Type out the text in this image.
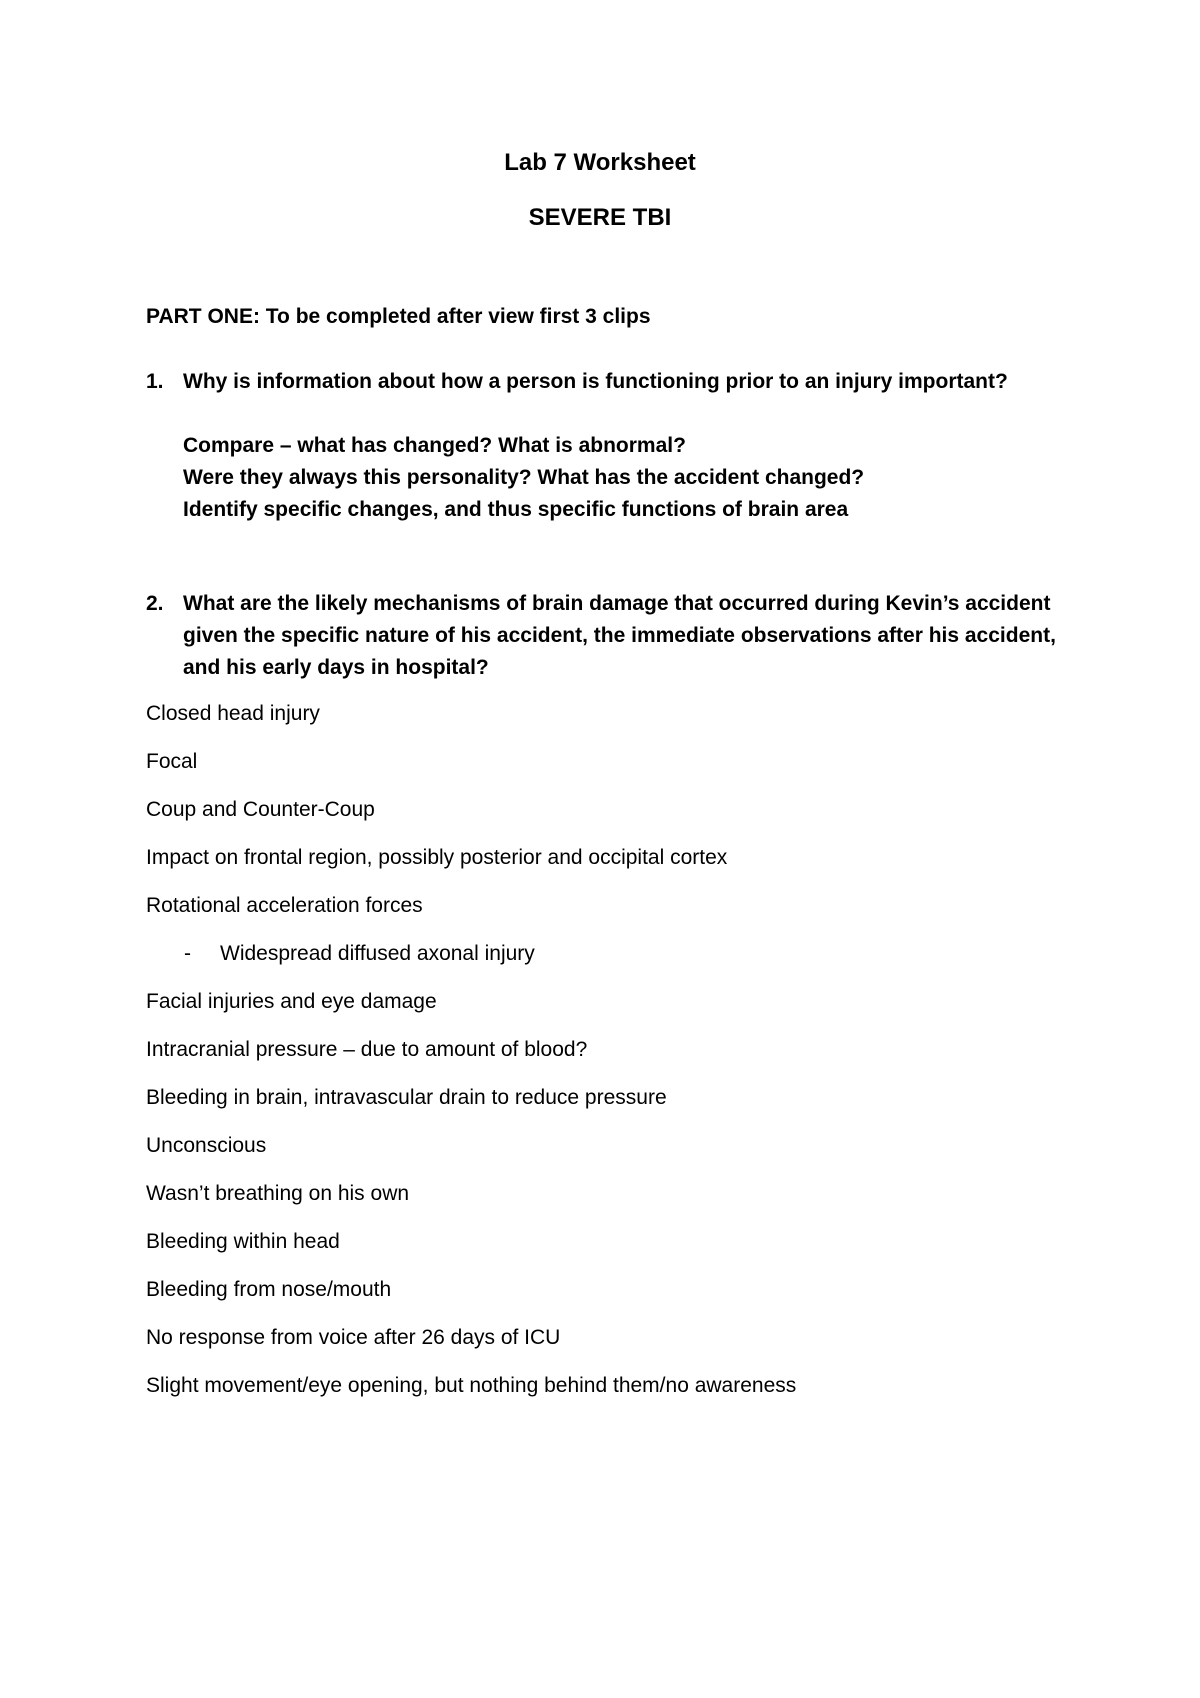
Lab 7 Worksheet
SEVERE TBI
PART ONE: To be completed after view first 3 clips
1. Why is information about how a person is functioning prior to an injury important?
Compare – what has changed? What is abnormal?
Were they always this personality? What has the accident changed?
Identify specific changes, and thus specific functions of brain area
2. What are the likely mechanisms of brain damage that occurred during Kevin’s accident given the specific nature of his accident, the immediate observations after his accident, and his early days in hospital?
Closed head injury
Focal
Coup and Counter-Coup
Impact on frontal region, possibly posterior and occipital cortex
Rotational acceleration forces
- Widespread diffused axonal injury
Facial injuries and eye damage
Intracranial pressure – due to amount of blood?
Bleeding in brain, intravascular drain to reduce pressure
Unconscious
Wasn’t breathing on his own
Bleeding within head
Bleeding from nose/mouth
No response from voice after 26 days of ICU
Slight movement/eye opening, but nothing behind them/no awareness
